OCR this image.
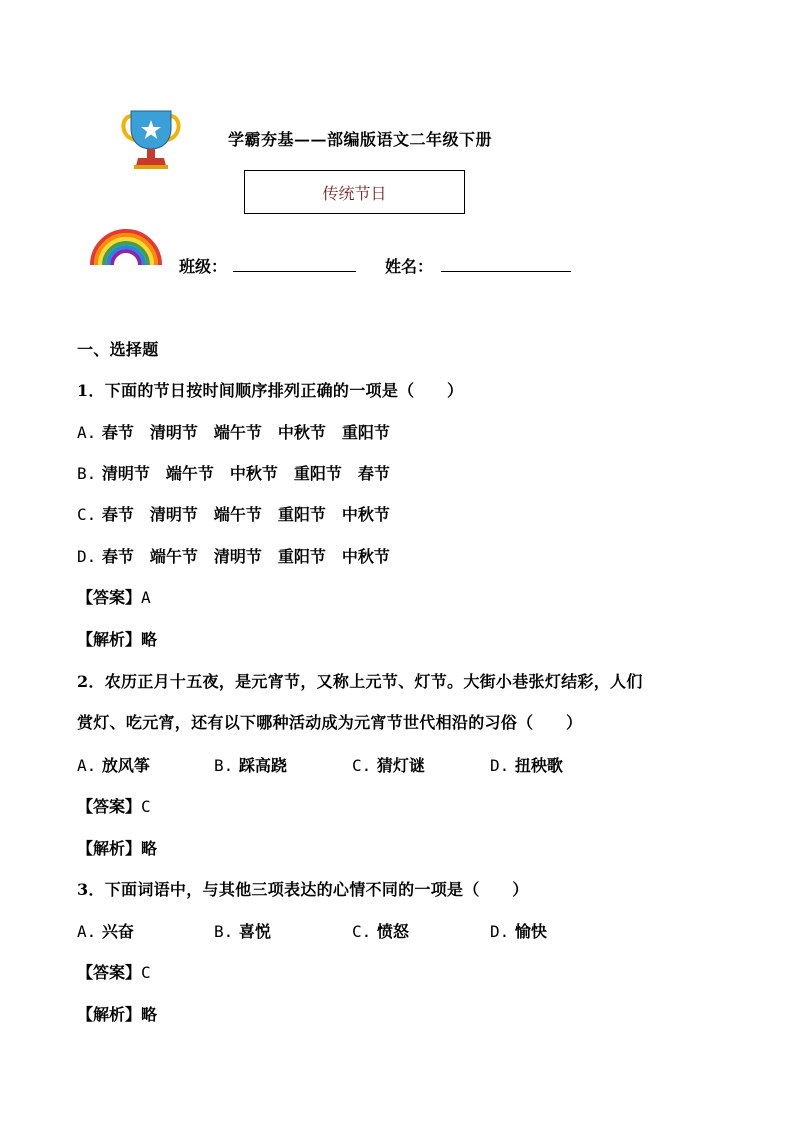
学霸夯基——部编版语文二年级下册
传统节日
班级：	姓名：
一、选择题
1．下面的节日按时间顺序排列正确的一项是（　　）
A. 春节　清明节　端午节　中秋节　重阳节
B. 清明节　端午节　中秋节　重阳节　春节
C. 春节　清明节　端午节　重阳节　中秋节
D. 春节　端午节　清明节　重阳节　中秋节
【答案】A
【解析】略
2．农历正月十五夜，是元宵节，又称上元节、灯节。大街小巷张灯结彩，人们
赏灯、吃元宵，还有以下哪种活动成为元宵节世代相沿的习俗（　　）
A. 放风筝	B. 踩高跷	C. 猜灯谜	D. 扭秧歌
【答案】C
【解析】略
3．下面词语中，与其他三项表达的心情不同的一项是（　　）
A. 兴奋	B. 喜悦	C. 愤怒	D. 愉快
【答案】C
【解析】略
